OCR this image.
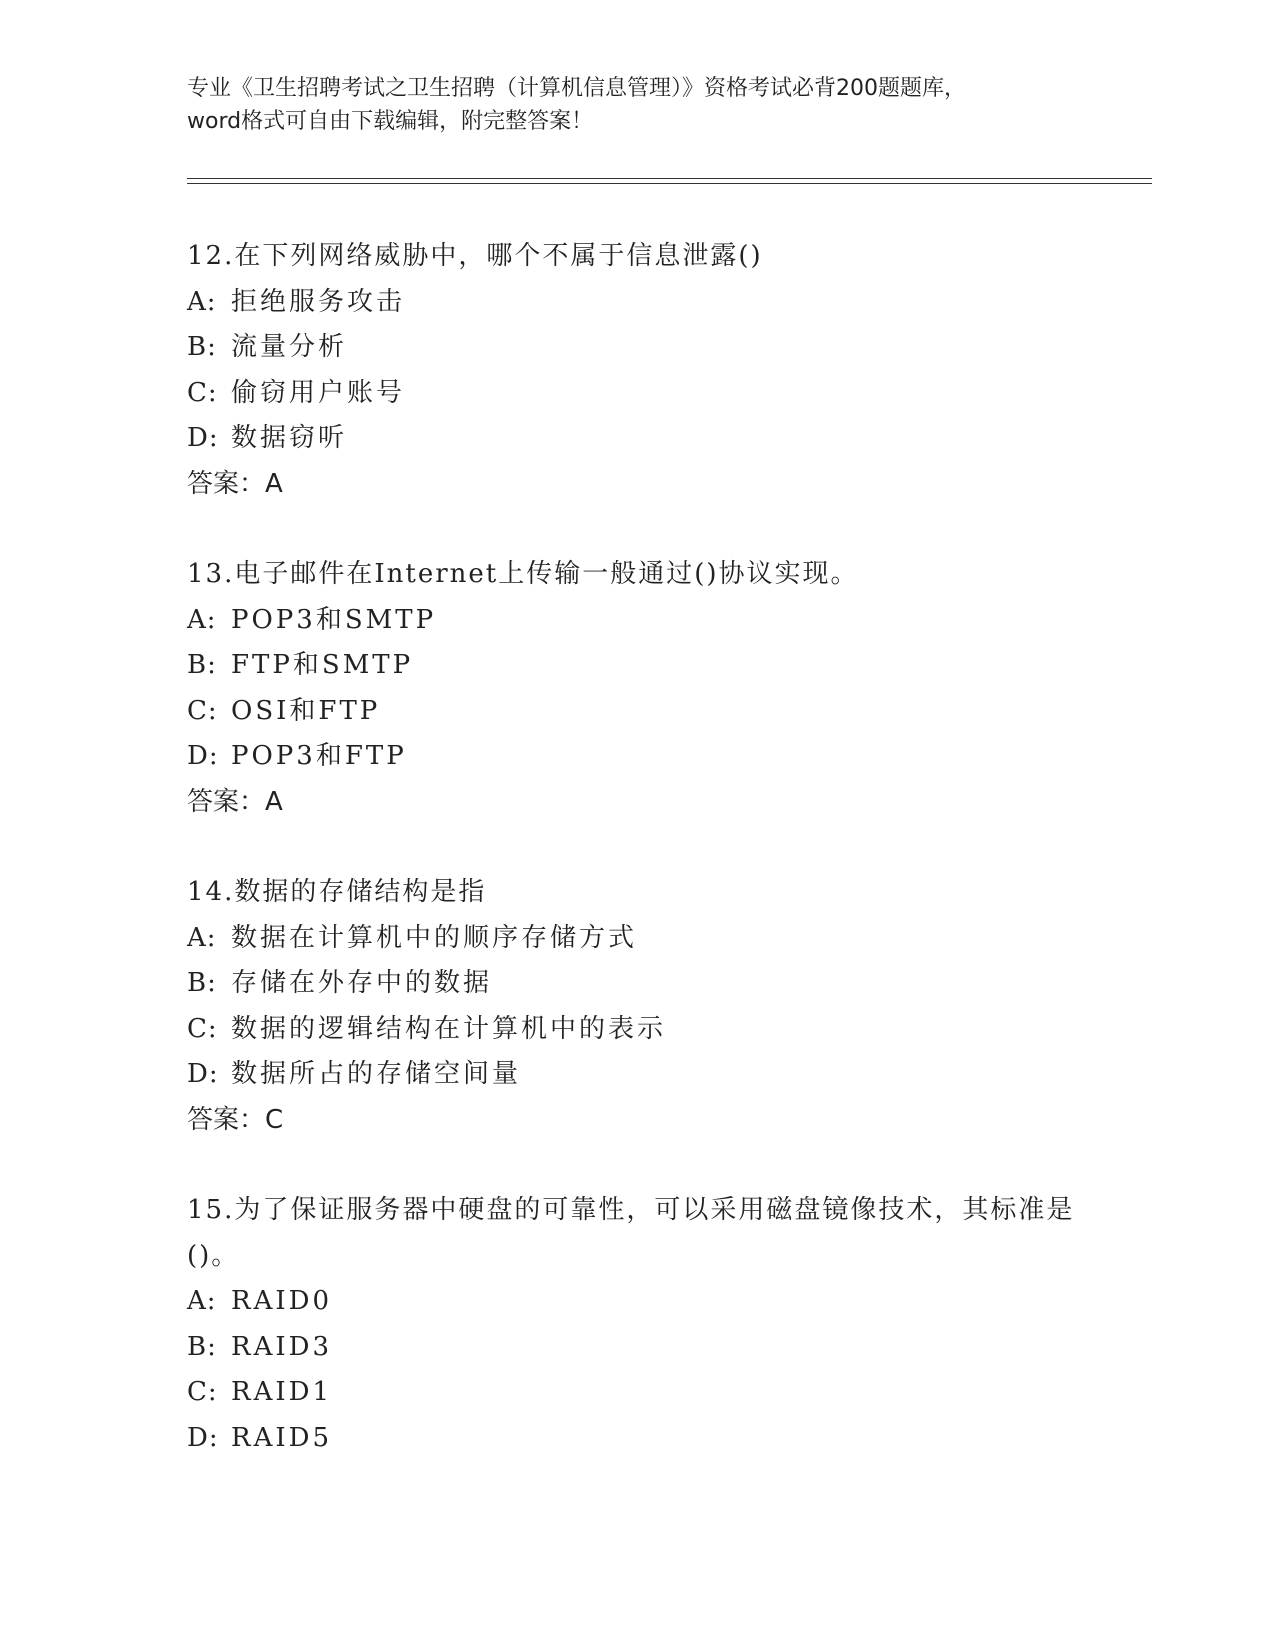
专业《卫生招聘考试之卫生招聘（计算机信息管理）》资格考试必背200题题库，
word格式可自由下载编辑，附完整答案！
12.在下列网络威胁中，哪个不属于信息泄露()
A: 拒绝服务攻击
B: 流量分析
C: 偷窃用户账号
D: 数据窃听
答案：A
13.电子邮件在Internet上传输一般通过()协议实现。
A: POP3和SMTP
B: FTP和SMTP
C: OSI和FTP
D: POP3和FTP
答案：A
14.数据的存储结构是指
A: 数据在计算机中的顺序存储方式
B: 存储在外存中的数据
C: 数据的逻辑结构在计算机中的表示
D: 数据所占的存储空间量
答案：C
15.为了保证服务器中硬盘的可靠性，可以采用磁盘镜像技术，其标准是()。
A: RAID0
B: RAID3
C: RAID1
D: RAID5
